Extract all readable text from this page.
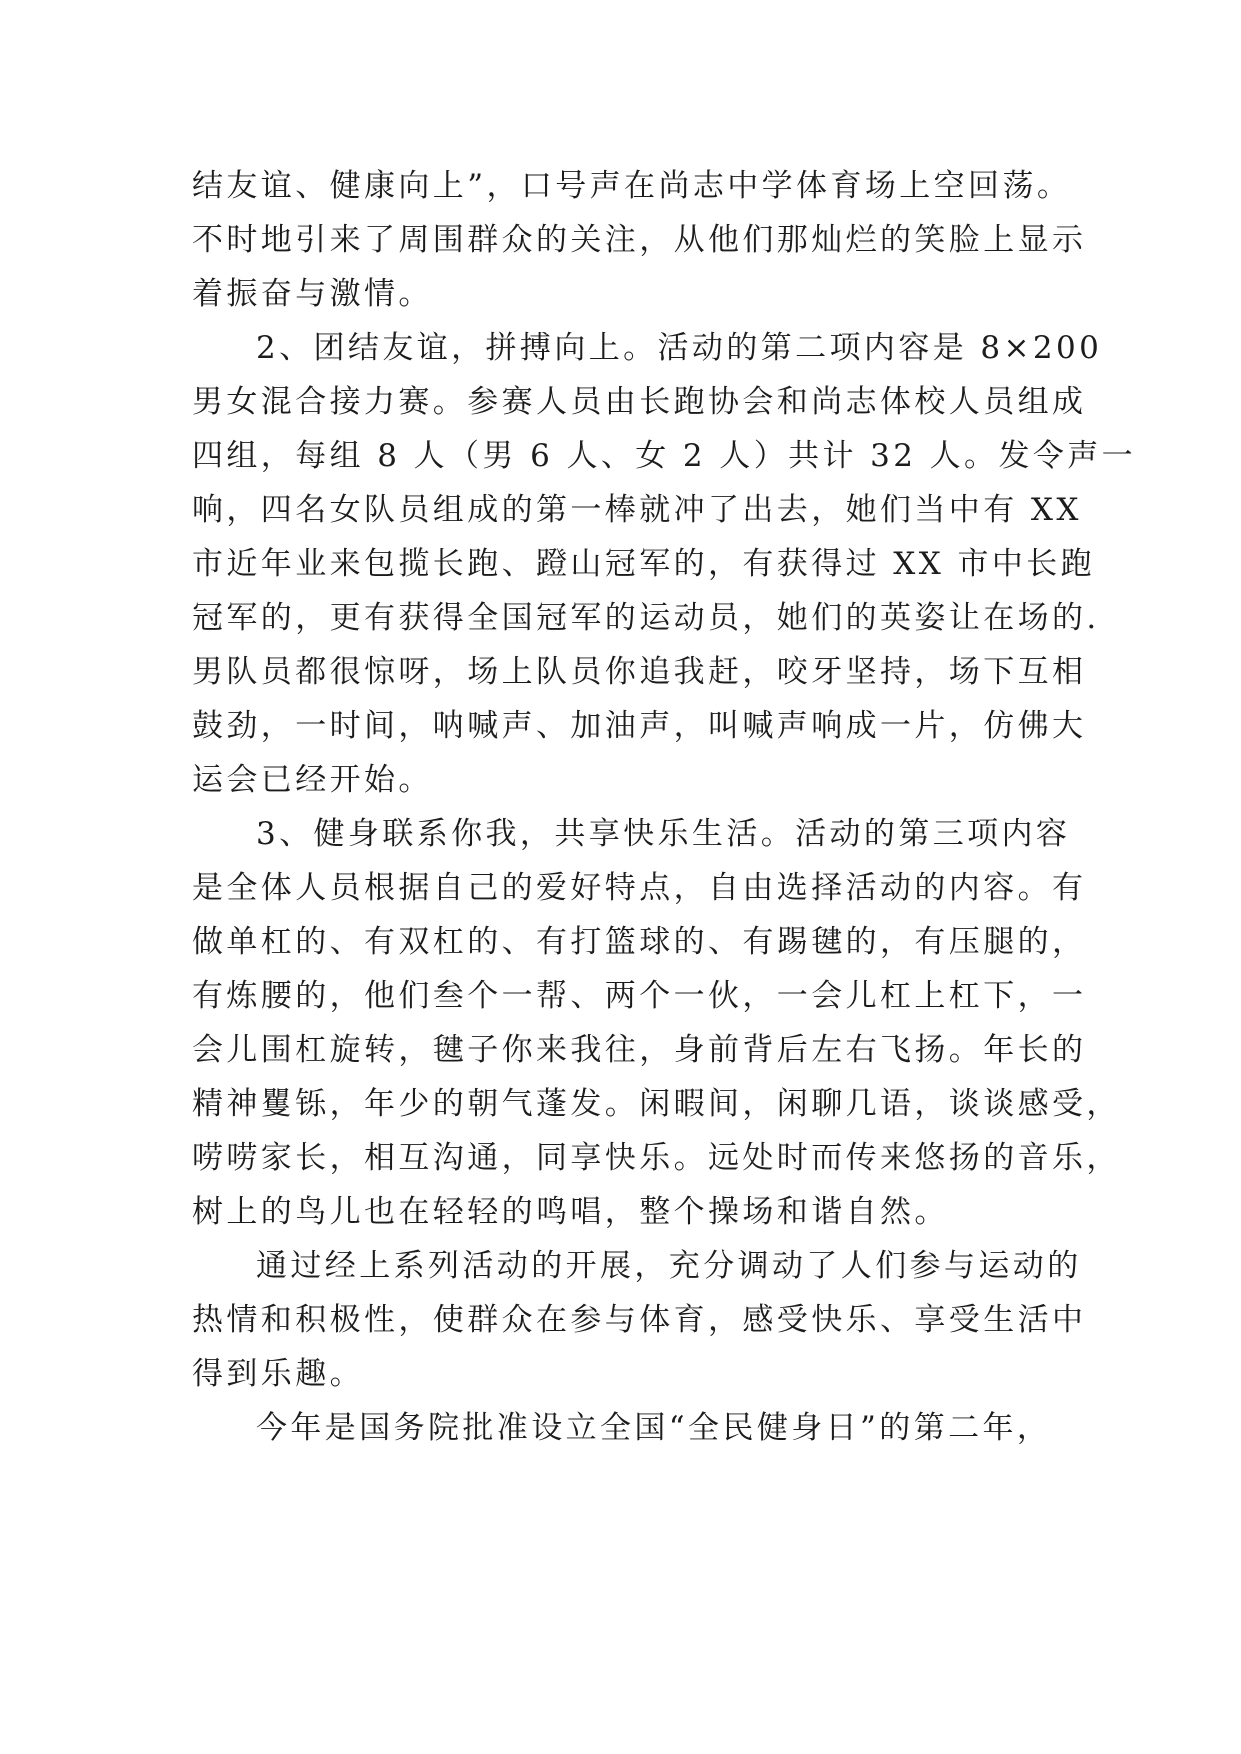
结友谊、健康向上”，口号声在尚志中学体育场上空回荡。
不时地引来了周围群众的关注，从他们那灿烂的笑脸上显示
着振奋与激情。
2、团结友谊，拼搏向上。活动的第二项内容是 8×200
男女混合接力赛。参赛人员由长跑协会和尚志体校人员组成
四组，每组 8 人（男 6 人、女 2 人）共计 32 人。发令声一
响，四名女队员组成的第一棒就冲了出去，她们当中有 XX
市近年业来包揽长跑、蹬山冠军的，有获得过 XX 市中长跑
冠军的，更有获得全国冠军的运动员，她们的英姿让在场的.
男队员都很惊呀，场上队员你追我赶，咬牙坚持，场下互相
鼓劲，一时间，呐喊声、加油声，叫喊声响成一片，仿佛大
运会已经开始。
3、健身联系你我，共享快乐生活。活动的第三项内容
是全体人员根据自己的爱好特点，自由选择活动的内容。有
做单杠的、有双杠的、有打篮球的、有踢毽的，有压腿的，
有炼腰的，他们叁个一帮、两个一伙，一会儿杠上杠下，一
会儿围杠旋转，毽子你来我往，身前背后左右飞扬。年长的
精神矍铄，年少的朝气蓬发。闲暇间，闲聊几语，谈谈感受，
唠唠家长，相互沟通，同享快乐。远处时而传来悠扬的音乐，
树上的鸟儿也在轻轻的鸣唱，整个操场和谐自然。
通过经上系列活动的开展，充分调动了人们参与运动的
热情和积极性，使群众在参与体育，感受快乐、享受生活中
得到乐趣。
今年是国务院批准设立全国“全民健身日”的第二年，
